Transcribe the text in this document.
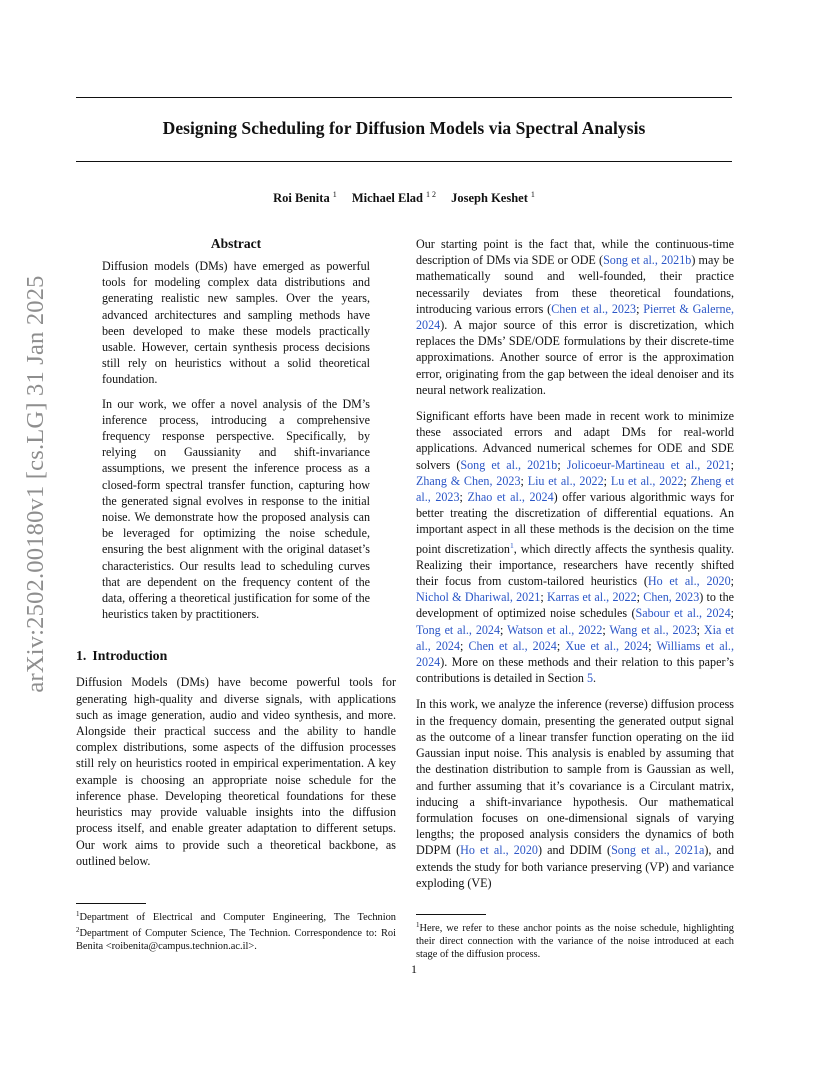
arXiv:2502.00180v1 [cs.LG] 31 Jan 2025
Designing Scheduling for Diffusion Models via Spectral Analysis
Roi Benita $^1$ Michael Elad $^{1 2}$ Joseph Keshet $^1$
Abstract

Diffusion models (DMs) have emerged as powerful tools for modeling complex data distributions and generating realistic new samples. Over the years, advanced architectures and sampling methods have been developed to make these models practically usable. However, certain synthesis process decisions still rely on heuristics without a solid theoretical foundation.

In our work, we offer a novel analysis of the DM’s inference process, introducing a comprehensive frequency response perspective. Specifically, by relying on Gaussianity and shift-invariance assumptions, we present the inference process as a closed-form spectral transfer function, capturing how the generated signal evolves in response to the initial noise. We demonstrate how the proposed analysis can be leveraged for optimizing the noise schedule, ensuring the best alignment with the original dataset’s characteristics. Our results lead to scheduling curves that are dependent on the frequency content of the data, offering a theoretical justification for some of the heuristics taken by practitioners.

1. Introduction

Diffusion Models (DMs) have become powerful tools for generating high-quality and diverse signals, with applications such as image generation, audio and video synthesis, and more. Alongside their practical success and the ability to handle complex distributions, some aspects of the diffusion processes still rely on heuristics rooted in empirical experimentation. A key example is choosing an appropriate noise schedule for the inference phase. Developing theoretical foundations for these heuristics may provide valuable insights into the diffusion process itself, and enable greater adaptation to different setups. Our work aims to provide such a theoretical backbone, as outlined below.

Our starting point is the fact that, while the continuous-time description of DMs via SDE or ODE (Song et al., 2021b) may be mathematically sound and well-founded, their practice necessarily deviates from these theoretical foundations, introducing various errors (Chen et al., 2023; Pierret & Galerne, 2024). A major source of this error is discretization, which replaces the DMs’ SDE/ODE formulations by their discrete-time approximations. Another source of error is the approximation error, originating from the gap between the ideal denoiser and its neural network realization.

Significant efforts have been made in recent work to minimize these associated errors and adapt DMs for real-world applications. Advanced numerical schemes for ODE and SDE solvers (Song et al., 2021b; Jolicoeur-Martineau et al., 2021; Zhang & Chen, 2023; Liu et al., 2022; Lu et al., 2022; Zheng et al., 2023; Zhao et al., 2024) offer various algorithmic ways for better treating the discretization of differential equations. An important aspect in all these methods is the decision on the time point discretization$^1$, which directly affects the synthesis quality. Realizing their importance, researchers have recently shifted their focus from custom-tailored heuristics (Ho et al., 2020; Nichol & Dhariwal, 2021; Karras et al., 2022; Chen, 2023) to the development of optimized noise schedules (Sabour et al., 2024; Tong et al., 2024; Watson et al., 2022; Wang et al., 2023; Xia et al., 2024; Chen et al., 2024; Xue et al., 2024; Williams et al., 2024). More on these methods and their relation to this paper’s contributions is detailed in Section 5.

In this work, we analyze the inference (reverse) diffusion process in the frequency domain, presenting the generated output signal as the outcome of a linear transfer function operating on the iid Gaussian input noise. This analysis is enabled by assuming that the destination distribution to sample from is Gaussian as well, and further assuming that it’s covariance is a Circulant matrix, inducing a shift-invariance hypothesis. Our mathematical formulation focuses on one-dimensional signals of varying lengths; the proposed analysis considers the dynamics of both DDPM (Ho et al., 2020) and DDIM (Song et al., 2021a), and extends the study for both variance preserving (VP) and variance exploding (VE)

$^1$Department of Electrical and Computer Engineering, The Technion $^2$Department of Computer Science, The Technion. Correspondence to: Roi Benita <roibenita@campus.technion.ac.il>.

$^1$Here, we refer to these anchor points as the noise schedule, highlighting their direct connection with the variance of the noise introduced at each stage of the diffusion process.

1
